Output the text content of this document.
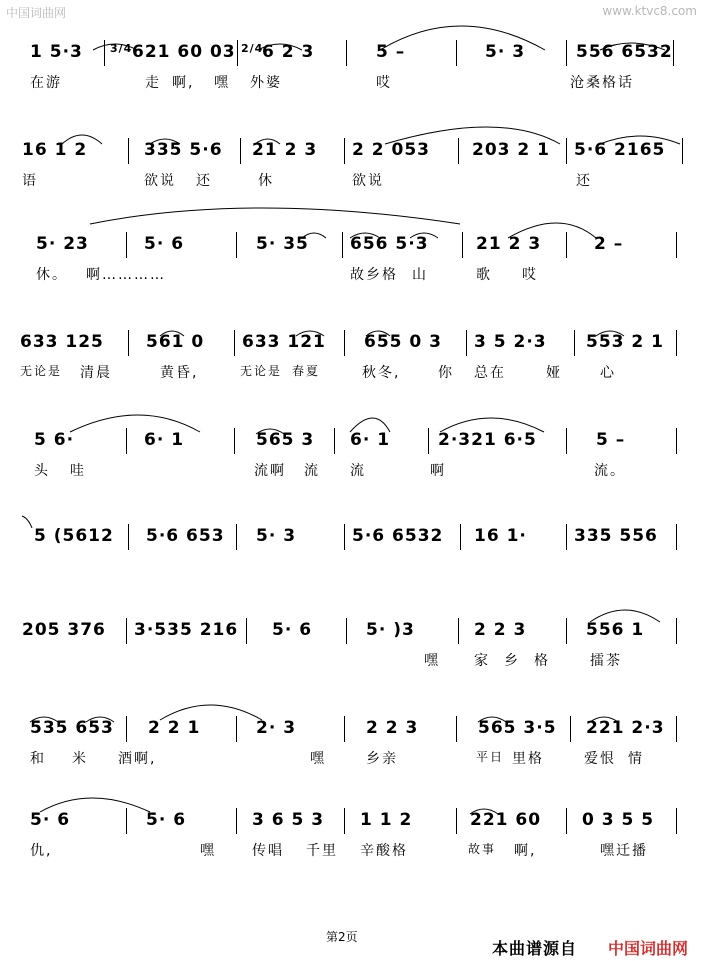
中国词曲网	www.ktvc8.com
1 5·3 3/4 621 60 03 2/4
6 2 3	5 –	5· 3	556 6532
在游	走 啊, 嘿 外婆	哎	沧桑格 话
16 1 2	335 5·6 21 2 3 2 2 053 203 2 1 5·6 2165
语	欲说 还	休	欲说	还
5· 23	5· 6	5· 35 656 5·3	21 2 3	2 –
休。 啊…………	故乡格 山	歌 哎
633 125 561 0 633 121 655 0 3 3 5 2·3 553 2 1
无论是 清晨	黄昏,	无论是 春夏	秋冬,	你 总在	娅	心
5 6·	6· 1	565 3 6· 1	2·321 6·5	5 –
头 哇	流啊 流 流	啊	流。
5 (5612 5·6 653 5· 3	5·6 6532 16 1·	335 556
205 376 3·535 216 5· 6	5· )3	2 2 3	556 1
嘿 家 乡 格	擂茶
535 653 2 2 1	2· 3	2 2 3	565 3·5 221 2·3
和 米 酒啊,	嘿	乡亲	平日 里格	爱恨 情
5· 6	5· 6	3 6 5 3 1 1 2	221 60 0 3 5 5
仇,	嘿	传唱 千里 辛酸格	故事 啊,	嘿迁播
第2页
本曲谱源自 中国词曲网
